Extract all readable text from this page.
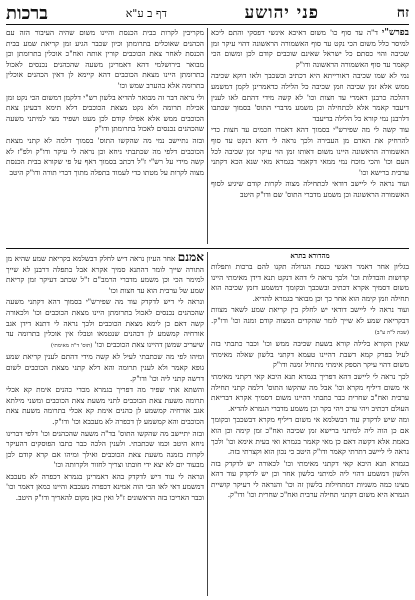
זח
פני יהושע
דף ב ע"א
ברכות

בפרש"י ד"ה עד סוף כו' משום דאיכא אינשי דפסקי והתם ליכא למיסר כלל משום הכי נקט עד סוף האשמורה הראשונה דהוי עיקר זמן שכיבה והוי כסתם כל ישראל שאינם שוכבים קודם לכן ומשום הכי קאמר עד סוף האשמורה הראשונה ודו"ק

נמי לא שמו שכיבה דאורייתא היא דכתיב ובשכבך ולאו דוקא שכיבה ממש אלא זמן שכיבה וזמן שכיבה כל הלילה כדאמרינן לקמן דמשמע דהלכה כרבנן דאמרי עד חצות וכו' לא קשה מידי דהתם לאו לענין דיעבד קאמר אלא לכתחילה וכן משמע מדברי התוס' בסמוך שכתבו דלרבנן נמי קורא כל הלילה בדיעבד

עוד קשה לי מה שפירש"י בסמוך דהא דאמרו חכמים עד חצות כדי להרחיק את האדם מן העבירה ולכך נראה לי דהא דנקט עד סוף האשמורה הראשונה היינו משום דאותו זמן הוי עיקר זמן שכיבה לכל העם וכו' והכי מוכח נמי ממאי דקאמר בגמרא מאי שנא הכא דקתני ערבית ברישא וכו'

ועוד נראה לי ליישב דודאי לכתחילה מצוה לקרות קודם שיגיע לסוף האשמורה הראשונה וכן משמע מדברי התוס' שם ודו"ק היטב

מקריבין לקרות בבית הכנסת והיינו משום שהיה העיבור הזה עם הכהנים שאוכלים בתרומתן וכיון שכבר הגיע זמן קריאת שמע בבית הכנסת לאחר צאת הכוכבים קורין אותה ואח"כ אוכלין בתרומתן וכן מבואר בירושלמי דהא דאמרינן משעה שהכהנים נכנסים לאכול בתרומתן היינו מצאת הכוכבים דהא קיימא לן דאין הכהנים אוכלין בתרומה אלא בהערב שמש וכו'

ולי נראה דבר זה מבואר להדיא בלשון רש"י דלקמן דמשום הכי נקט זמן אכילת תרומה ולא נקט מצאת הכוכבים דלא תימא דבעינן צאת הכוכבים ממש אלא אפילו קודם לכן מעט ושפיר מצי למיתני משעה שהכהנים נכנסים לאכול בתרומתן ודו"ק

ובזה נתיישב נמי מה שהקשו התוס' בסמוך דלמה לא קתני מצאת הכוכבים דלפי מה שכתבתי ניחא וכן נראה לי עיקר ודו"ק ולפ"ז לא קשה מידי על רש"י ז"ל דכתב בסמוך דאף על פי שקורא בבית הכנסת מצוה לקרות על מטתו כדי לעמוד בתפלה מתוך דברי תורה ודו"ק היטב

מהדורא בתרא

בגליון אחר דאמר דאנשי כנסת הגדולה תקנו להם ברכות ותפלות קדושות והבדלות וכו' ולכך נראה לי דהא דנקט תנא דידן מאימתי היינו משום דסמיך אקרא דכתיב ובשכבך ובקומך דמשמע דזמן שכיבה הוא תחילה וזמן קימה הוא אחר כך וכן מבואר בגמרא להדיא.

ועוד נראה לי ליישב דודאי יש לחלק בין קריאת שמע לשאר מצוות דבקריאת שמע לא שייך לומר שהקדים המצוה קודם זמנה וכו' ודו"ק. (שבת ל"ה ע"ב)

שאין הקורא בלילה קורא בשעת שכיבה ממש וכו' וכבר כתבתי בזה לעיל בפרק קמא דשבת דהיינו טעמא דקתני בלשון שאלה מאימתי משום דהוי עיקר הספק אימתי מתחיל זמנה ודו"ק

לכך נראה לי ליישב דהא דפריך בגמרא תנא היכא קאי דקתני מאימתי אי משום דיליף מקרא וכו' אבל מה שהקשו התוס' דלמה קתני תחילה ערבית ואח"כ שחרית כבר כתבתי דהיינו משום דסמיך אקרא דבריאת העולם דכתיב ויהי ערב ויהי בקר וכן משמע מדברי הגמרא להדיא.

ומה שיש לדקדק עוד דבשלמא אי משום דיליף מקרא דבשכבך ובקומך אם כן הוה ליה למיתני ברישא זמן שכיבה ואח"כ זמן קימה וכן הוא באמת אלא דקשה דאם כן מאי קאמר בגמרא ואי בעית אימא וכו' ולכך נראה לי ליישב דתרתי קאמר ודו"ק היטב כי נכון הוא וקצרתי בזה.

בגמרא תנא היכא קאי דקתני מאימתי וכו' לכאורה יש לדקדק בזה הלשון דמשמע דהוי ליה למיתני בלשון אחר וכן יש לדקדק עוד דהא מצינו כמה משניות דמתחילות בלשון זה וכו' והנראה לי דעיקר קושיית הגמרא היא משום דקתני תחילה ערבית ואח"כ שחרית וכו' ודו"ק.

אמנם אחר העיון נראה דיש לחלק דבשלמא בקריאת שמע שהיא מן התורה שייך לומר דהתנא סמיך אקרא אבל בתפלה דרבנן לא שייך למימר הכי וכן משמע מדברי הרמב"ם ז"ל שכתב דעיקר זמן קריאת שמע של ערבית הוא עד חצות וכו'

ונראה לי דיש לדקדק עוד מה שפירש"י בסמוך דהא דקתני משעה שהכהנים נכנסים לאכול בתרומתן היינו מצאת הכוכבים וכו' ולכאורה קשה דאם כן לימא מצאת הכוכבים ולכך נראה לי דתנא דידן אגב אורחיה קמשמע לן דכהנים שנטמאו וטבלו אין אוכלין בתרומה עד שיעריב שמשן דהיינו צאת הכוכבים וכו' (תוס' ד"ה מאימתי)

ומיהו לפי מה שכתבתי לעיל לא קשה מידי דהתם לענין קריאת שמע גופא קאמר ולא לענין תרומה והא דלא קתני מצאת הכוכבים לשום דרשה קתני ליה וכו' ודו"ק.

והשתא אתי שפיר מה דפריך בגמרא מכדי כהנים אימת קא אכלי תרומה משעת צאת הכוכבים לתני משעת צאת הכוכבים ומשני מילתא אגב אורחיה קמשמע לן כהנים אימת קא אכלי בתרומה משעת צאת הכוכבים והא קמשמע לן דכפרה לא מעכבא וכו' ודו"ק.

ובזה יתיישב מה שהקשו התוס' בד"ה משעה שהכהנים וכו' דלפי דברינו ניחא היטב וכמו שכתבתי. ולענין הלכה כבר כתבו הפוסקים דהעיקר לקרות בזמנה משעת צאת הכוכבים ואילך ומיהו אם קרא קודם לכן מבעוד יום לא יצא ידי חובתו וצריך לחזור ולקרותה וכו'

ונראה לי עוד דיש לדקדק בהא דאמרינן בגמרא דכפרה לא מעכבא דמשמע דאי לאו הכי הוה אמינא דכפרה מעכבא והיינו כמאן דאמר וכו' וכבר האריכו בזה הראשונים ז"ל ואין כאן מקום להאריך ודו"ק היטב.
